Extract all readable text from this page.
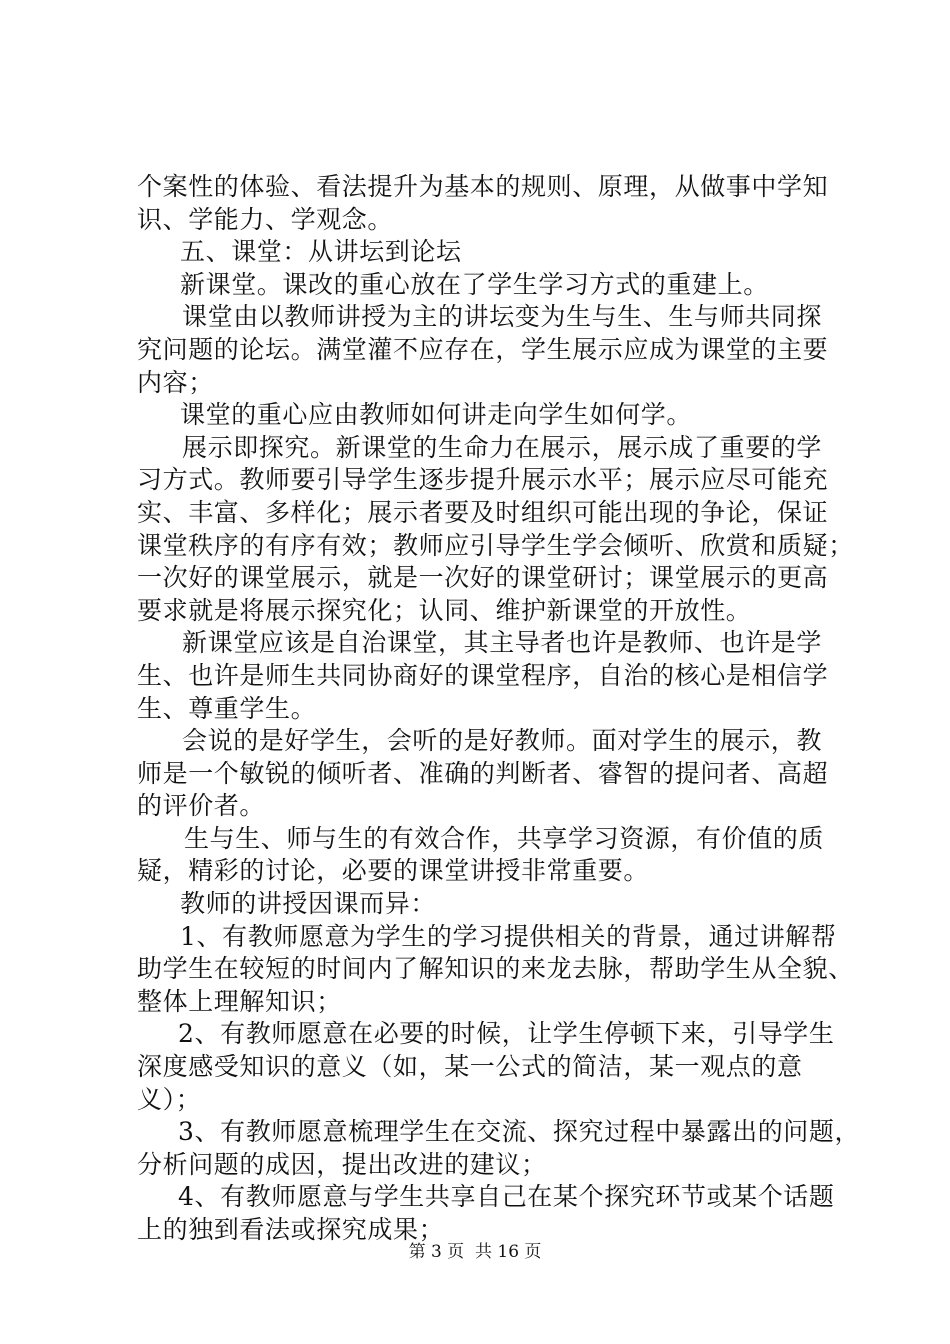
个案性的体验、看法提升为基本的规则、原理，从做事中学知
识、学能力、学观念。
五、课堂：从讲坛到论坛
新课堂。课改的重心放在了学生学习方式的重建上。
课堂由以教师讲授为主的讲坛变为生与生、生与师共同探
究问题的论坛。满堂灌不应存在，学生展示应成为课堂的主要
内容；
课堂的重心应由教师如何讲走向学生如何学。
展示即探究。新课堂的生命力在展示，展示成了重要的学
习方式。教师要引导学生逐步提升展示水平；展示应尽可能充
实、丰富、多样化；展示者要及时组织可能出现的争论，保证
课堂秩序的有序有效；教师应引导学生学会倾听、欣赏和质疑；
一次好的课堂展示，就是一次好的课堂研讨；课堂展示的更高
要求就是将展示探究化；认同、维护新课堂的开放性。
新课堂应该是自治课堂，其主导者也许是教师、也许是学
生、也许是师生共同协商好的课堂程序，自治的核心是相信学
生、尊重学生。
会说的是好学生，会听的是好教师。面对学生的展示，教
师是一个敏锐的倾听者、准确的判断者、睿智的提问者、高超
的评价者。
生与生、师与生的有效合作，共享学习资源，有价值的质
疑，精彩的讨论，必要的课堂讲授非常重要。
教师的讲授因课而异：
1、有教师愿意为学生的学习提供相关的背景，通过讲解帮
助学生在较短的时间内了解知识的来龙去脉，帮助学生从全貌、
整体上理解知识；
2、有教师愿意在必要的时候，让学生停顿下来，引导学生
深度感受知识的意义（如，某一公式的简洁，某一观点的意
义）；
3、有教师愿意梳理学生在交流、探究过程中暴露出的问题，
分析问题的成因，提出改进的建议；
4、有教师愿意与学生共享自己在某个探究环节或某个话题
上的独到看法或探究成果；
第 3 页  共 16 页
